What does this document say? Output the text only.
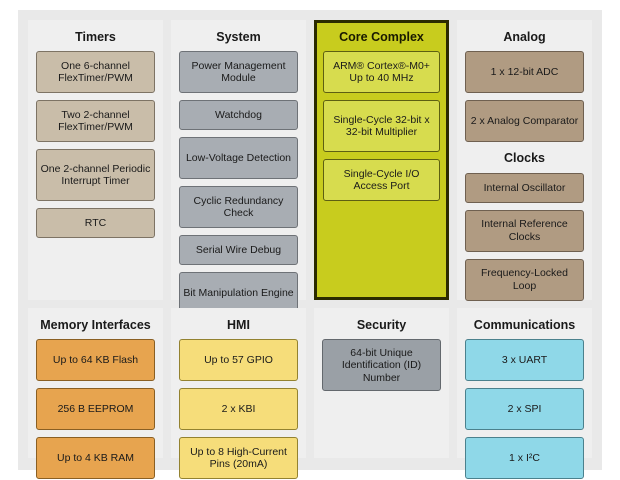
Timers
One 6-channel FlexTimer/PWM
Two 2-channel FlexTimer/PWM
One 2-channel Periodic Interrupt Timer
RTC
System
Power Management Module
Watchdog
Low-Voltage Detection
Cyclic Redundancy Check
Serial Wire Debug
Bit Manipulation Engine
Core Complex
ARM® Cortex®-M0+ Up to 40 MHz
Single-Cycle 32-bit x 32-bit Multiplier
Single-Cycle I/O Access Port
Analog
1 x 12-bit ADC
2 x Analog Comparator
Clocks
Internal Oscillator
Internal Reference Clocks
Frequency-Locked Loop
Memory Interfaces
Up to 64 KB Flash
256 B EEPROM
Up to 4 KB RAM
HMI
Up to 57 GPIO
2 x KBI
Up to 8 High-Current Pins (20mA)
Security
64-bit Unique Identification (ID) Number
Communications
3 x UART
2 x SPI
1 x I²C
